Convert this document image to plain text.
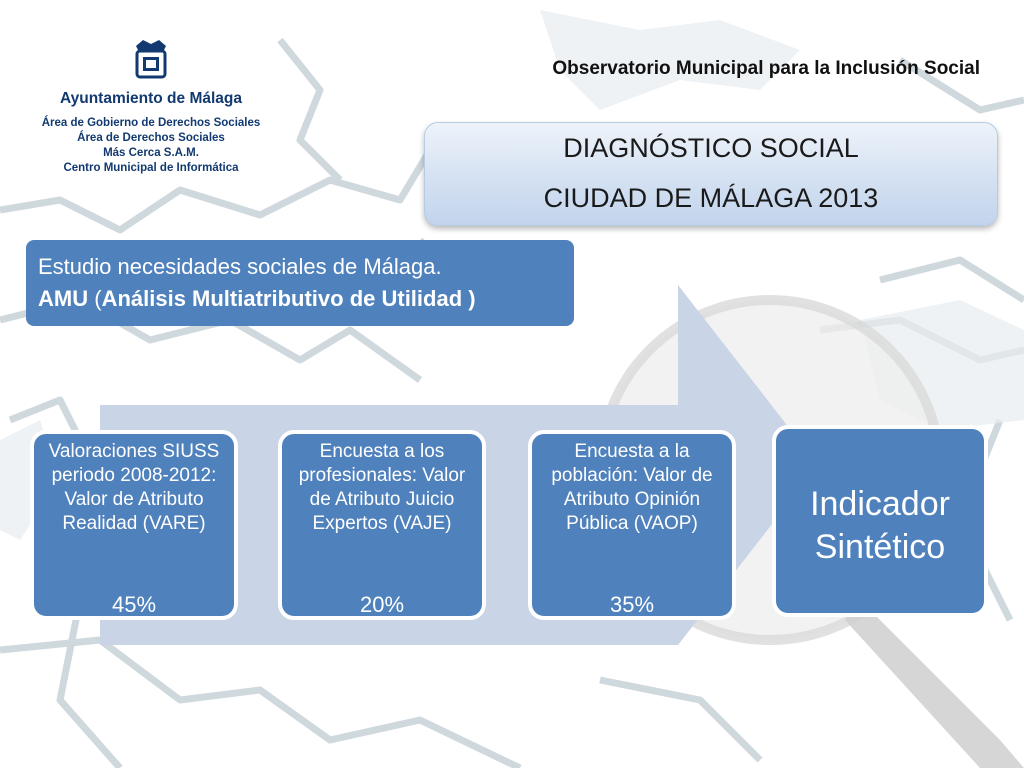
Ayuntamiento de Málaga
Área de Gobierno de Derechos Sociales
Área de Derechos Sociales
Más Cerca S.A.M.
Centro Municipal de Informática
Observatorio Municipal para la Inclusión Social
DIAGNÓSTICO SOCIAL
CIUDAD DE MÁLAGA 2013
Estudio necesidades sociales de Málaga.
AMU (Análisis Multiatributivo de Utilidad )
Valoraciones SIUSS periodo 2008-2012: Valor de Atributo Realidad (VARE)
45%
Encuesta a los profesionales: Valor de Atributo Juicio Expertos (VAJE)
20%
Encuesta a la población: Valor de Atributo Opinión Pública (VAOP)
35%
Indicador
Sintético
